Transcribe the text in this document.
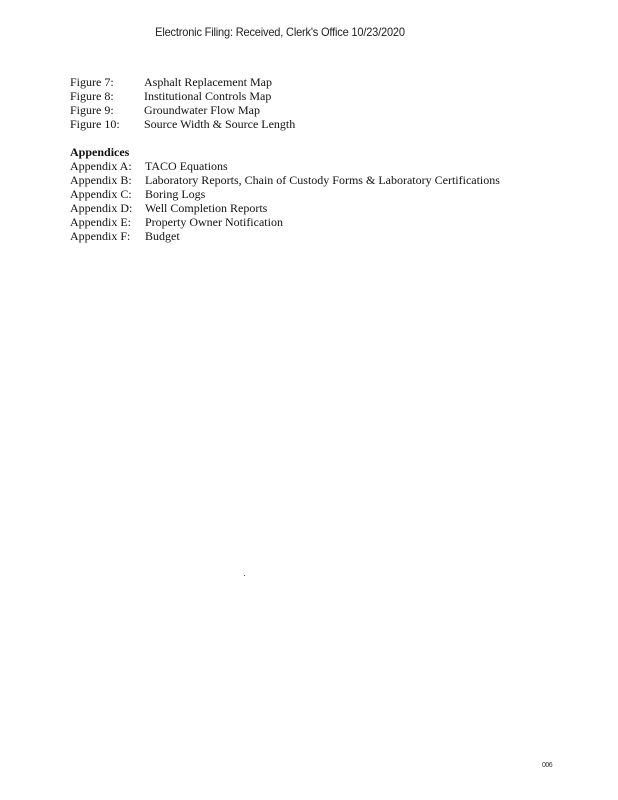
Electronic Filing: Received, Clerk's Office 10/23/2020
Figure 7:	Asphalt Replacement Map
Figure 8:	Institutional Controls Map
Figure 9:	Groundwater Flow Map
Figure 10:	Source Width & Source Length
Appendices
Appendix A:	TACO Equations
Appendix B:	Laboratory Reports, Chain of Custody Forms & Laboratory Certifications
Appendix C:	Boring Logs
Appendix D:	Well Completion Reports
Appendix E:	Property Owner Notification
Appendix F:	Budget
006
